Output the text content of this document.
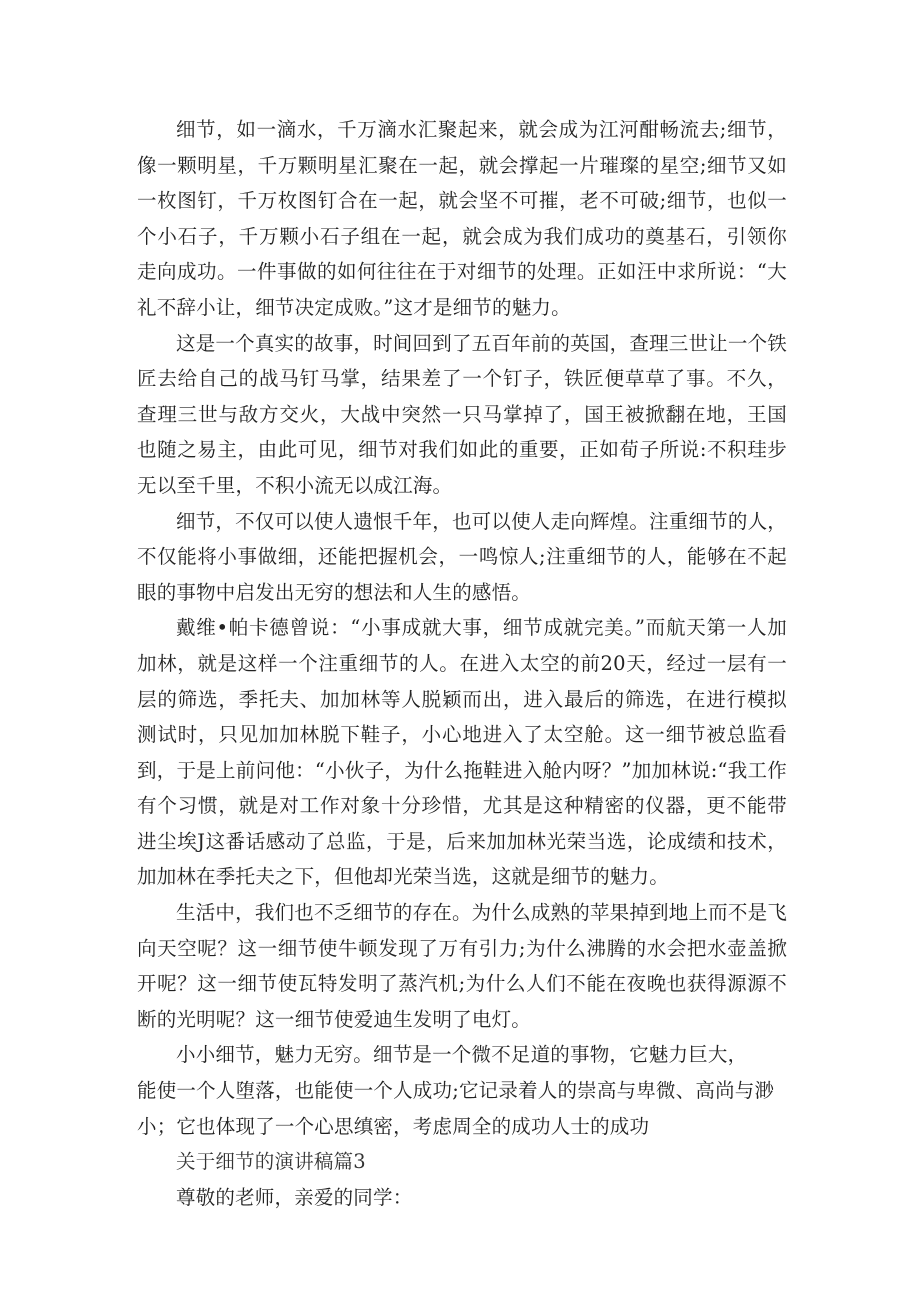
细节，如一滴水，千万滴水汇聚起来，就会成为江河酣畅流去;细节，像一颗明星，千万颗明星汇聚在一起，就会撑起一片璀璨的星空;细节又如一枚图钉，千万枚图钉合在一起，就会坚不可摧，老不可破;细节，也似一个小石子，千万颗小石子组在一起，就会成为我们成功的奠基石，引领你走向成功。一件事做的如何往往在于对细节的处理。正如汪中求所说：“大礼不辞小让，细节决定成败。”这才是细节的魅力。

这是一个真实的故事，时间回到了五百年前的英国，查理三世让一个铁匠去给自己的战马钉马掌，结果差了一个钉子，铁匠便草草了事。不久，查理三世与敌方交火，大战中突然一只马掌掉了，国王被掀翻在地，王国也随之易主，由此可见，细节对我们如此的重要，正如荀子所说:不积珪步无以至千里，不积小流无以成江海。

细节，不仅可以使人遗恨千年，也可以使人走向辉煌。注重细节的人，不仅能将小事做细，还能把握机会，一鸣惊人;注重细节的人，能够在不起眼的事物中启发出无穷的想法和人生的感悟。

戴维•帕卡德曾说：“小事成就大事，细节成就完美。”而航天第一人加加林，就是这样一个注重细节的人。在进入太空的前20天，经过一层有一层的筛选，季托夫、加加林等人脱颖而出，进入最后的筛选，在进行模拟测试时，只见加加林脱下鞋子，小心地进入了太空舱。这一细节被总监看到，于是上前问他：“小伙子，为什么拖鞋进入舱内呀？”加加林说:“我工作有个习惯，就是对工作对象十分珍惜，尤其是这种精密的仪器，更不能带进尘埃J这番话感动了总监，于是，后来加加林光荣当选，论成绩和技术，加加林在季托夫之下，但他却光荣当选，这就是细节的魅力。

生活中，我们也不乏细节的存在。为什么成熟的苹果掉到地上而不是飞向天空呢？这一细节使牛顿发现了万有引力;为什么沸腾的水会把水壶盖掀开呢？这一细节使瓦特发明了蒸汽机;为什么人们不能在夜晚也获得源源不断的光明呢？这一细节使爱迪生发明了电灯。

小小细节，魅力无穷。细节是一个微不足道的事物，它魅力巨大，
能使一个人堕落，也能使一个人成功;它记录着人的崇高与卑微、高尚与渺
小；它也体现了一个心思缜密，考虑周全的成功人士的成功

关于细节的演讲稿篇3

尊敬的老师，亲爱的同学：
